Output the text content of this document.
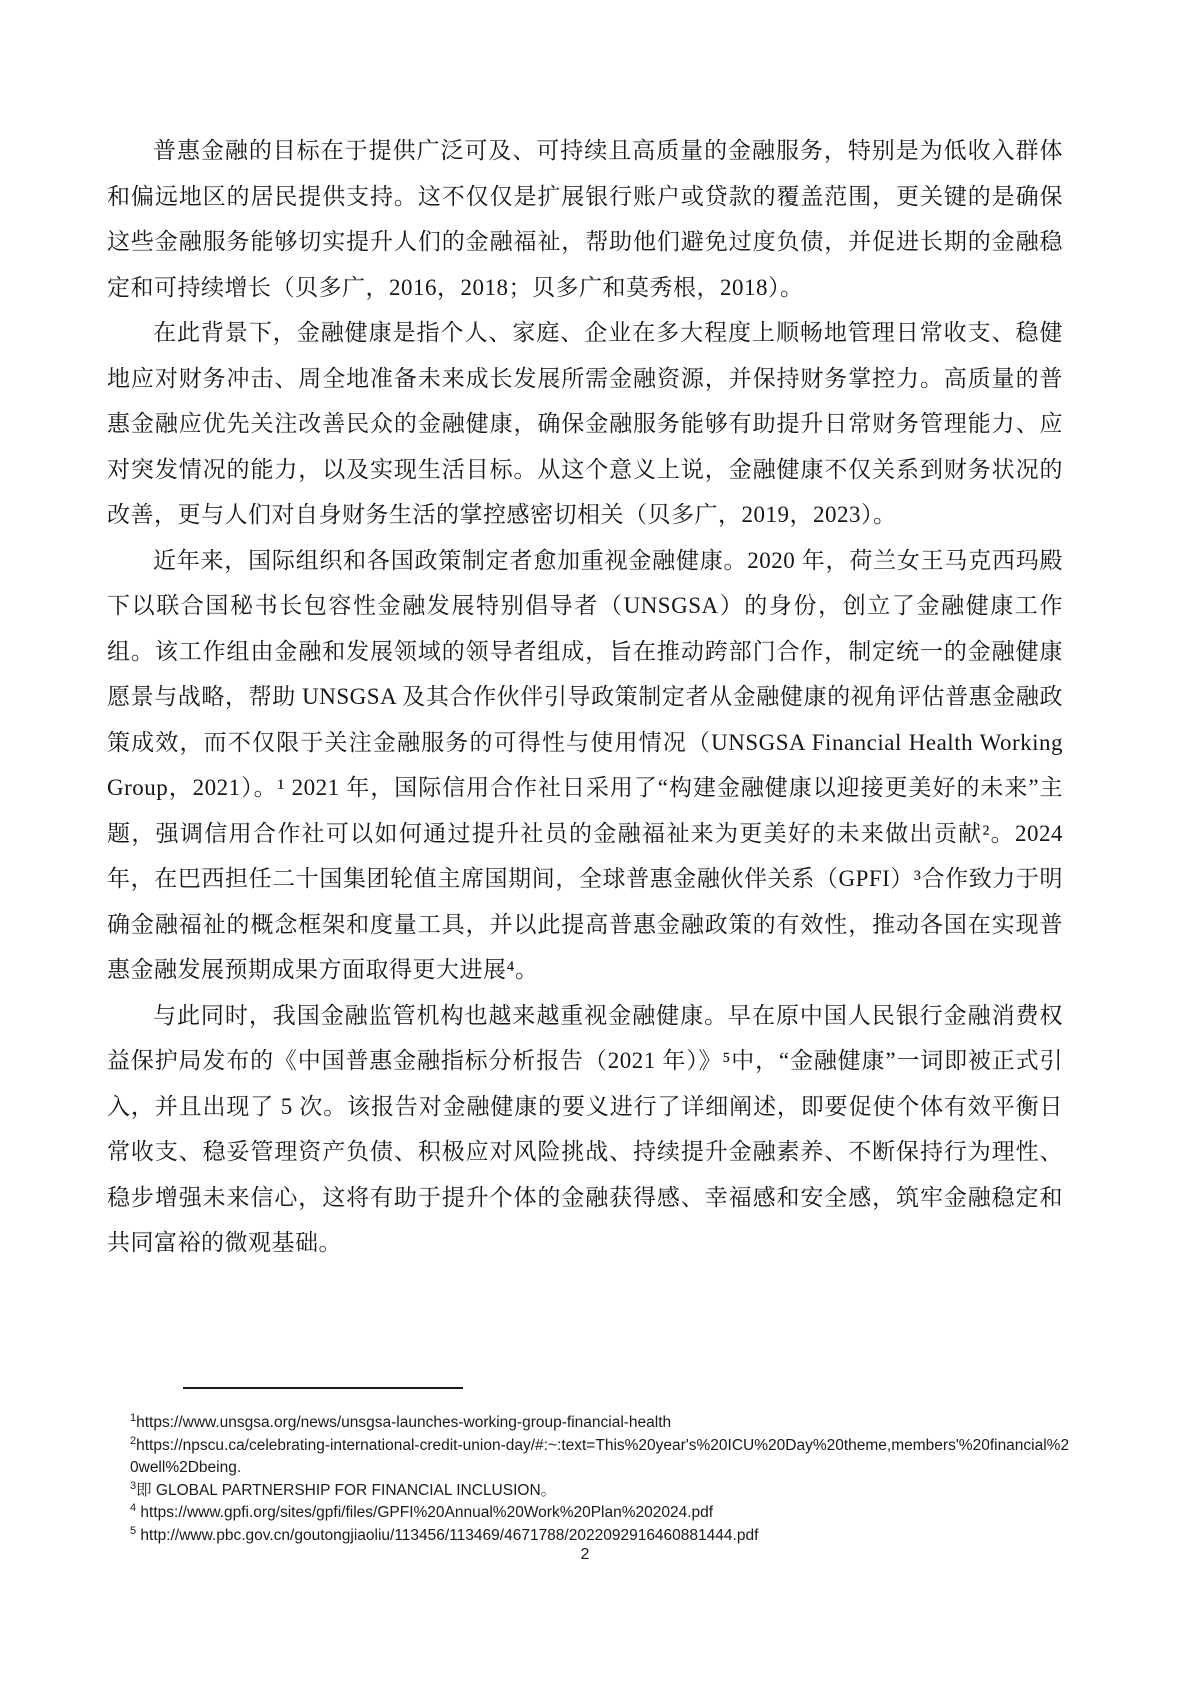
普惠金融的目标在于提供广泛可及、可持续且高质量的金融服务，特别是为低收入群体和偏远地区的居民提供支持。这不仅仅是扩展银行账户或贷款的覆盖范围，更关键的是确保这些金融服务能够切实提升人们的金融福祉，帮助他们避免过度负债，并促进长期的金融稳定和可持续增长（贝多广，2016，2018；贝多广和莫秀根，2018）。

在此背景下，金融健康是指个人、家庭、企业在多大程度上顺畅地管理日常收支、稳健地应对财务冲击、周全地准备未来成长发展所需金融资源，并保持财务掌控力。高质量的普惠金融应优先关注改善民众的金融健康，确保金融服务能够有助提升日常财务管理能力、应对突发情况的能力，以及实现生活目标。从这个意义上说，金融健康不仅关系到财务状况的改善，更与人们对自身财务生活的掌控感密切相关（贝多广，2019，2023）。

近年来，国际组织和各国政策制定者愈加重视金融健康。2020 年，荷兰女王马克西玛殿下以联合国秘书长包容性金融发展特别倡导者（UNSGSA）的身份，创立了金融健康工作组。该工作组由金融和发展领域的领导者组成，旨在推动跨部门合作，制定统一的金融健康愿景与战略，帮助 UNSGSA 及其合作伙伴引导政策制定者从金融健康的视角评估普惠金融政策成效，而不仅限于关注金融服务的可得性与使用情况（UNSGSA Financial Health Working Group，2021）。¹ 2021 年，国际信用合作社日采用了“构建金融健康以迎接更美好的未来”主题，强调信用合作社可以如何通过提升社员的金融福祉来为更美好的未来做出贡献²。2024 年，在巴西担任二十国集团轮值主席国期间，全球普惠金融伙伴关系（GPFI）³合作致力于明确金融福祉的概念框架和度量工具，并以此提高普惠金融政策的有效性，推动各国在实现普惠金融发展预期成果方面取得更大进展⁴。

与此同时，我国金融监管机构也越来越重视金融健康。早在原中国人民银行金融消费权益保护局发布的《中国普惠金融指标分析报告（2021 年）》⁵中，“金融健康”一词即被正式引入，并且出现了 5 次。该报告对金融健康的要义进行了详细阐述，即要促使个体有效平衡日常收支、稳妥管理资产负债、积极应对风险挑战、持续提升金融素养、不断保持行为理性、稳步增强未来信心，这将有助于提升个体的金融获得感、幸福感和安全感，筑牢金融稳定和共同富裕的微观基础。

$^1$https://www.unsgsa.org/news/unsgsa-launches-working-group-financial-health
$^2$https://npscu.ca/celebrating-international-credit-union-day/#:~:text=This%20year's%20ICU%20Day%20theme,members'%20financial%20well%2Dbeing.
$^3$即 GLOBAL PARTNERSHIP FOR FINANCIAL INCLUSION。
$^4$ https://www.gpfi.org/sites/gpfi/files/GPFI%20Annual%20Work%20Plan%202024.pdf
$^5$ http://www.pbc.gov.cn/goutongjiaoliu/113456/113469/4671788/2022092916460881444.pdf
2
